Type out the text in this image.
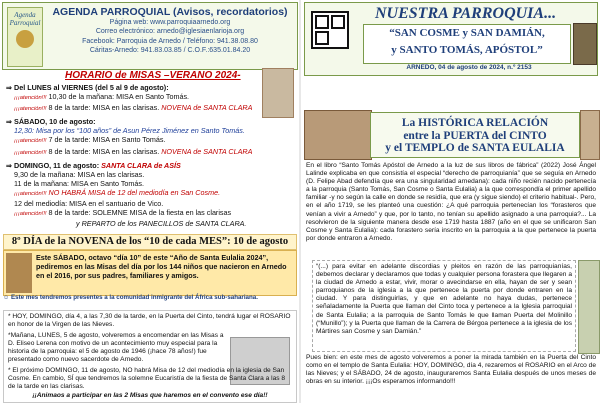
Agenda Parroquial
AGENDA PARROQUIAL (Avisos, recordatorios)
Página web: www.parroquiaarnedo.org
Correo electrónico: arnedo@iglesiaenlarioja.org
Facebook: Parroquia de Arnedo / Teléfono: 941.38.08.80
Cáritas-Arnedo: 941.83.03.85 / C.O.F.:635.01.84.20
HORARIO de MISAS –VERANO 2024-
⇒ Del LUNES al VIERNES (del 5 al 9 de agosto):
¡¡¡atención!!! 10,30 de la mañana: MISA en Santo Tomás.
¡¡¡atención!!! 8 de la tarde: MISA en las clarisas. NOVENA de SANTA CLARA
⇒ SÁBADO, 10 de agosto:
12,30: Misa por los “100 años” de Asun Pérez Jiménez en Santo Tomás.
¡¡¡atención!!! 7 de la tarde: MISA en Santo Tomás.
¡¡¡atención!!! 8 de la tarde: MISA en las clarisas. NOVENA de SANTA CLARA
⇒ DOMINGO, 11 de agosto: SANTA CLARA de ASÍS
9,30 de la mañana: MISA en las clarisas.
11 de la mañana: MISA en Santo Tomás.
¡¡¡atención!!! NO HABRÁ MISA de 12 del mediodía en San Cosme.
12 del mediodía: MISA en el santuario de Vico.
¡¡¡atención!!! 8 de la tarde: SOLEMNE MISA de la fiesta en las clarisas
y REPARTO de los PANECILLOS de SANTA CLARA.
8º DÍA de la NOVENA de los “10 de cada MES”: 10 de agosto
Este SÁBADO, octavo “día 10” de este “Año de Santa Eulalia 2024”, pediremos en las Misas del día por los 144 niños que nacieron en Arnedo en el 2016, por sus padres, familiares y amigos.
☺ Este mes tendremos presentes a la comunidad inmigrante del África sub-sahariana.
* HOY, DOMINGO, día 4, a las 7,30 de la tarde, en la Puerta del Cinto, tendrá lugar el ROSARIO en honor de la Virgen de las Nieves.
*Mañana, LUNES, 5 de agosto, volveremos a encomendar en las Misas a D. Eliseo Lerena con motivo de un acontecimiento muy especial para la historia de la parroquia: el 5 de agosto de 1946 (¡hace 78 años!) fue presentado como nuevo sacerdote de Arnedo.
* El próximo DOMINGO, 11 de agosto, NO habrá Misa de 12 del mediodía en la iglesia de San Cosme. En cambio, SÍ que tendremos la solemne Eucaristía de la fiesta de Santa Clara a las 8 de la tarde en las clarisas.
¡¡Animaos a participar en las 2 Misas que haremos en el convento ese día!!
NUESTRA PARROQUIA...
“SAN COSME y SAN DAMIÁN,
y SANTO TOMÁS, APÓSTOL”
ARNEDO, 04 de agosto de 2024, n.º 2153
La HISTÓRICA RELACIÓN
entre la PUERTA del CINTO
y el TEMPLO de SANTA EULALIA
En el libro “Santo Tomás Apóstol de Arnedo a la luz de sus libros de fábrica” (2022) José Ángel Lalinde explicaba en que consistía el especial “derecho de parroquianía” que se seguía en Arnedo (D. Felipe Abad defendía que era una singularidad arnedana): cada niño recién nacido pertenecía a la parroquia (Santo Tomás, San Cosme o Santa Eulalia) a la que correspondía el primer apellido familiar -y no según la calle en donde se residía, que era (y sigue siendo) el criterio habitual-. Pero, en el año 1719, se les planteó una cuestión: ¿A qué parroquia pertenecían los “forasteros que venían a vivir a Arnedo” y que, por lo tanto, no tenían su apellido asignado a una parroquia?... La resolvieron de la siguiente manera desde ese 1719 hasta 1887 (año en el que se unificaron San Cosme y Santa Eulalia): cada forastero sería inscrito en la parroquia a la que pertenece la puerta por donde entraron a Arnedo.
“(...) para evitar en adelante discordias y pleitos en razón de las parroquianías, debemos declarar y declaramos que todas y cualquier persona forastera que llegaren a la ciudad de Arnedo a estar, vivir, morar o avecindarse en ella, hayan de ser y sean parroquianos de la iglesia a la que pertenece la puerta por donde entraren en la ciudad. Y para distinguirlas, y que en adelante no haya dudas, pertenece señaladamente la Puerta que llaman del Cinto toca y pertenece a la Iglesia parroquial de Santa Eulalia; a la parroquia de Santo Tomás le que llaman Puerta del Molinillo (“Munillo”); y la Puerta que llaman de la Carrera de Bérgoa pertenece a la iglesia de los Mártires san Cosme y san Damián.”
Pues bien: en este mes de agosto volveremos a poner la mirada también en la Puerta del Cinto como en el templo de Santa Eulalia: HOY, DOMINGO, día 4, rezaremos el ROSARIO en el Arco de las Nieves; y el SÁBADO, 24 de agosto, inauguraremos Santa Eulalia después de unos meses de obras en su interior. ¡¡¡Os esperamos informando!!!
